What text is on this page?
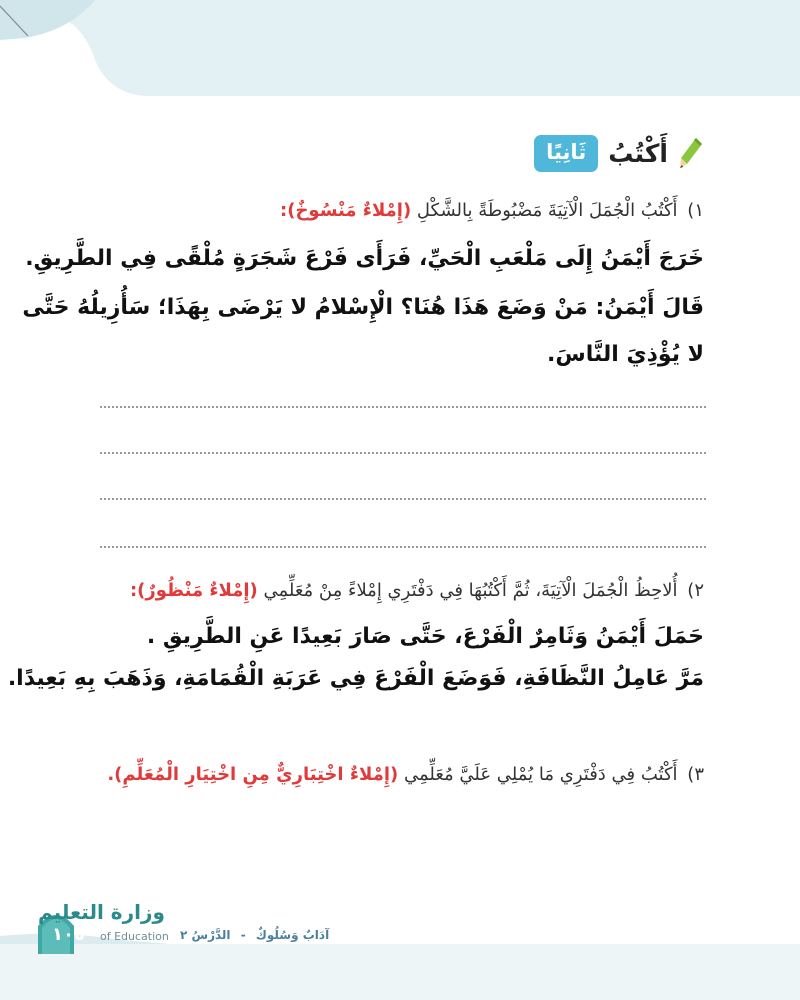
ثَانِيًا أَكْتُبُ
١) أَكْتُبُ الْجُمَلَ الْآتِيَةَ مَضْبُوطَةً بِالشَّكْلِ (إِمْلاءٌ مَنْسُوخٌ):
خَرَجَ أَيْمَنُ إِلَى مَلْعَبِ الْحَيِّ، فَرَأَى فَرْعَ شَجَرَةٍ مُلْقًى فِي الطَّرِيقِ.
قَالَ أَيْمَنُ: مَنْ وَضَعَ هَذَا هُنَا؟ الْإِسْلامُ لا يَرْضَى بِهَذَا؛ سَأُزِيلُهُ حَتَّى
لا يُؤْذِيَ النَّاسَ.
٢) أُلاحِظُ الْجُمَلَ الْآتِيَةَ، ثُمَّ أَكْتُبُهَا فِي دَفْتَرِي إِمْلاءً مِنْ مُعَلِّمِي (إِمْلاءٌ مَنْظُورٌ):
حَمَلَ أَيْمَنُ وَثَامِرٌ الْفَرْعَ، حَتَّى صَارَ بَعِيدًا عَنِ الطَّرِيقِ .
مَرَّ عَامِلُ النَّظَافَةِ، فَوَضَعَ الْفَرْعَ فِي عَرَبَةِ الْقُمَامَةِ، وَذَهَبَ بِهِ بَعِيدًا.
٣) أَكْتُبُ فِي دَفْتَرِي مَا يُمْلِي عَلَيَّ مُعَلِّمِي (إِمْلاءٌ اخْتِبَارِيٌّ مِنِ اخْتِيَارِ الْمُعَلِّمِ).
وزارة التعليم
of Education
١٠٥	آدَابٌ وَسُلُوكٌ - الدَّرْسُ ٢
